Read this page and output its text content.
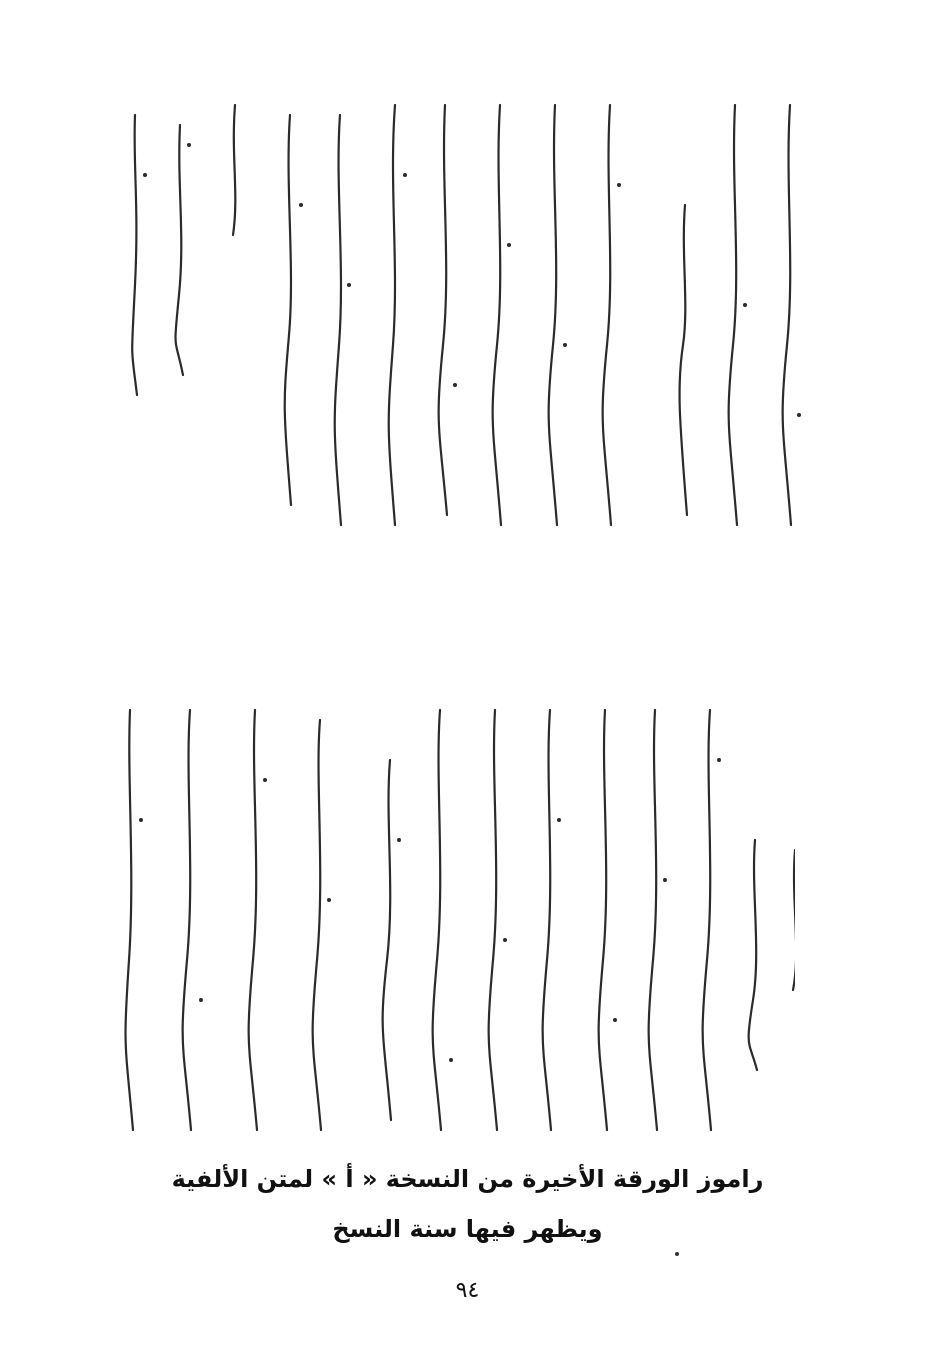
راموز الورقة الأخيرة من النسخة « أ » لمتن الألفية
ويظهر فيها سنة النسخ
٩٤
